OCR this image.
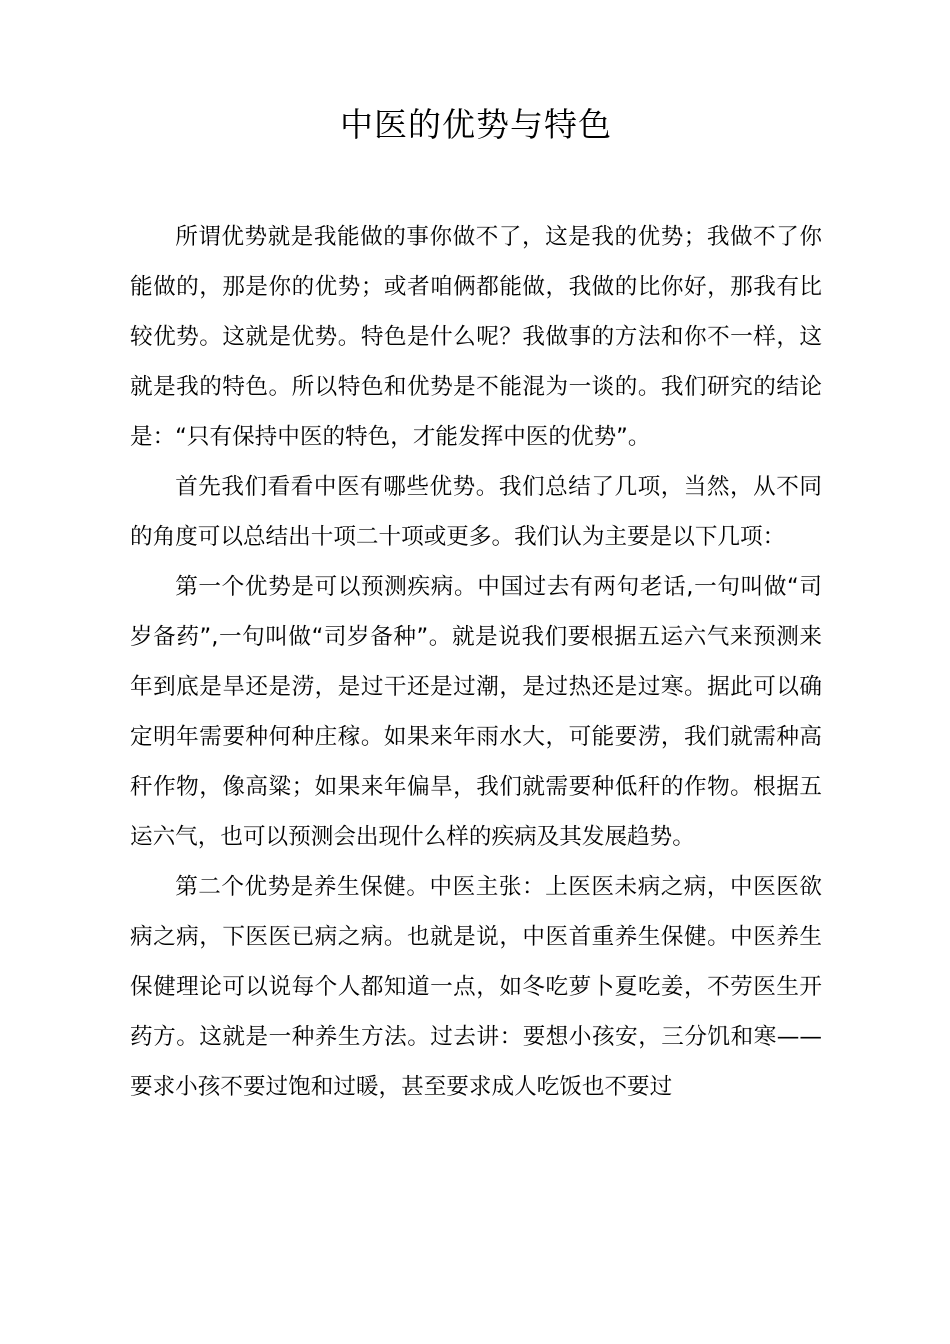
中医的优势与特色

所谓优势就是我能做的事你做不了，这是我的优势；我做不了你能做的，那是你的优势；或者咱俩都能做，我做的比你好，那我有比较优势。这就是优势。特色是什么呢？我做事的方法和你不一样，这就是我的特色。所以特色和优势是不能混为一谈的。我们研究的结论是：“只有保持中医的特色，才能发挥中医的优势”。

首先我们看看中医有哪些优势。我们总结了几项，当然，从不同的角度可以总结出十项二十项或更多。我们认为主要是以下几项：

第一个优势是可以预测疾病。中国过去有两句老话,一句叫做“司岁备药”,一句叫做“司岁备种”。就是说我们要根据五运六气来预测来年到底是旱还是涝，是过干还是过潮，是过热还是过寒。据此可以确定明年需要种何种庄稼。如果来年雨水大，可能要涝，我们就需种高秆作物，像高粱；如果来年偏旱，我们就需要种低秆的作物。根据五运六气，也可以预测会出现什么样的疾病及其发展趋势。

第二个优势是养生保健。中医主张：上医医未病之病，中医医欲病之病，下医医已病之病。也就是说，中医首重养生保健。中医养生保健理论可以说每个人都知道一点，如冬吃萝卜夏吃姜，不劳医生开药方。这就是一种养生方法。过去讲：要想小孩安，三分饥和寒——要求小孩不要过饱和过暖，甚至要求成人吃饭也不要过
